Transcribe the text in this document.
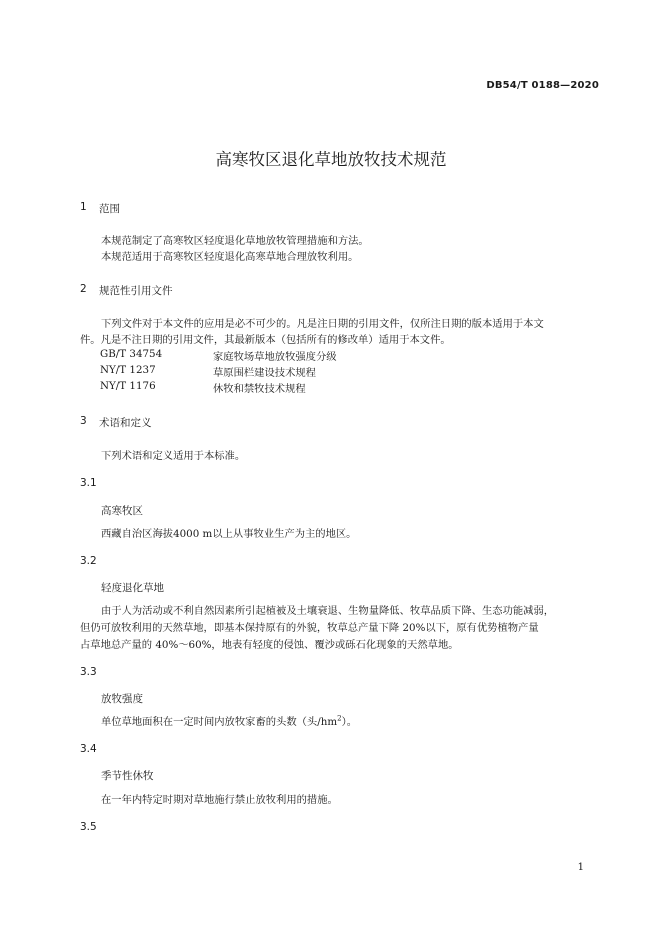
DB54/T 0188—2020
高寒牧区退化草地放牧技术规范
1 范围
本规范制定了高寒牧区轻度退化草地放牧管理措施和方法。
本规范适用于高寒牧区轻度退化高寒草地合理放牧利用。
2 规范性引用文件
下列文件对于本文件的应用是必不可少的。凡是注日期的引用文件，仅所注日期的版本适用于本文
件。凡是不注日期的引用文件，其最新版本（包括所有的修改单）适用于本文件。
GB/T 34754	家庭牧场草地放牧强度分级
NY/T 1237	草原围栏建设技术规程
NY/T 1176	休牧和禁牧技术规程
3 术语和定义
下列术语和定义适用于本标准。
3.1
高寒牧区
西藏自治区海拔4000 m以上从事牧业生产为主的地区。
3.2
轻度退化草地
由于人为活动或不利自然因素所引起植被及土壤衰退、生物量降低、牧草品质下降、生态功能减弱，
但仍可放牧利用的天然草地，即基本保持原有的外貌，牧草总产量下降 20%以下，原有优势植物产量
占草地总产量的 40%～60%，地表有轻度的侵蚀、覆沙或砾石化现象的天然草地。
3.3
放牧强度
单位草地面积在一定时间内放牧家畜的头数（头$/hm^2$）。
3.4
季节性休牧
在一年内特定时期对草地施行禁止放牧利用的措施。
3.5
1
